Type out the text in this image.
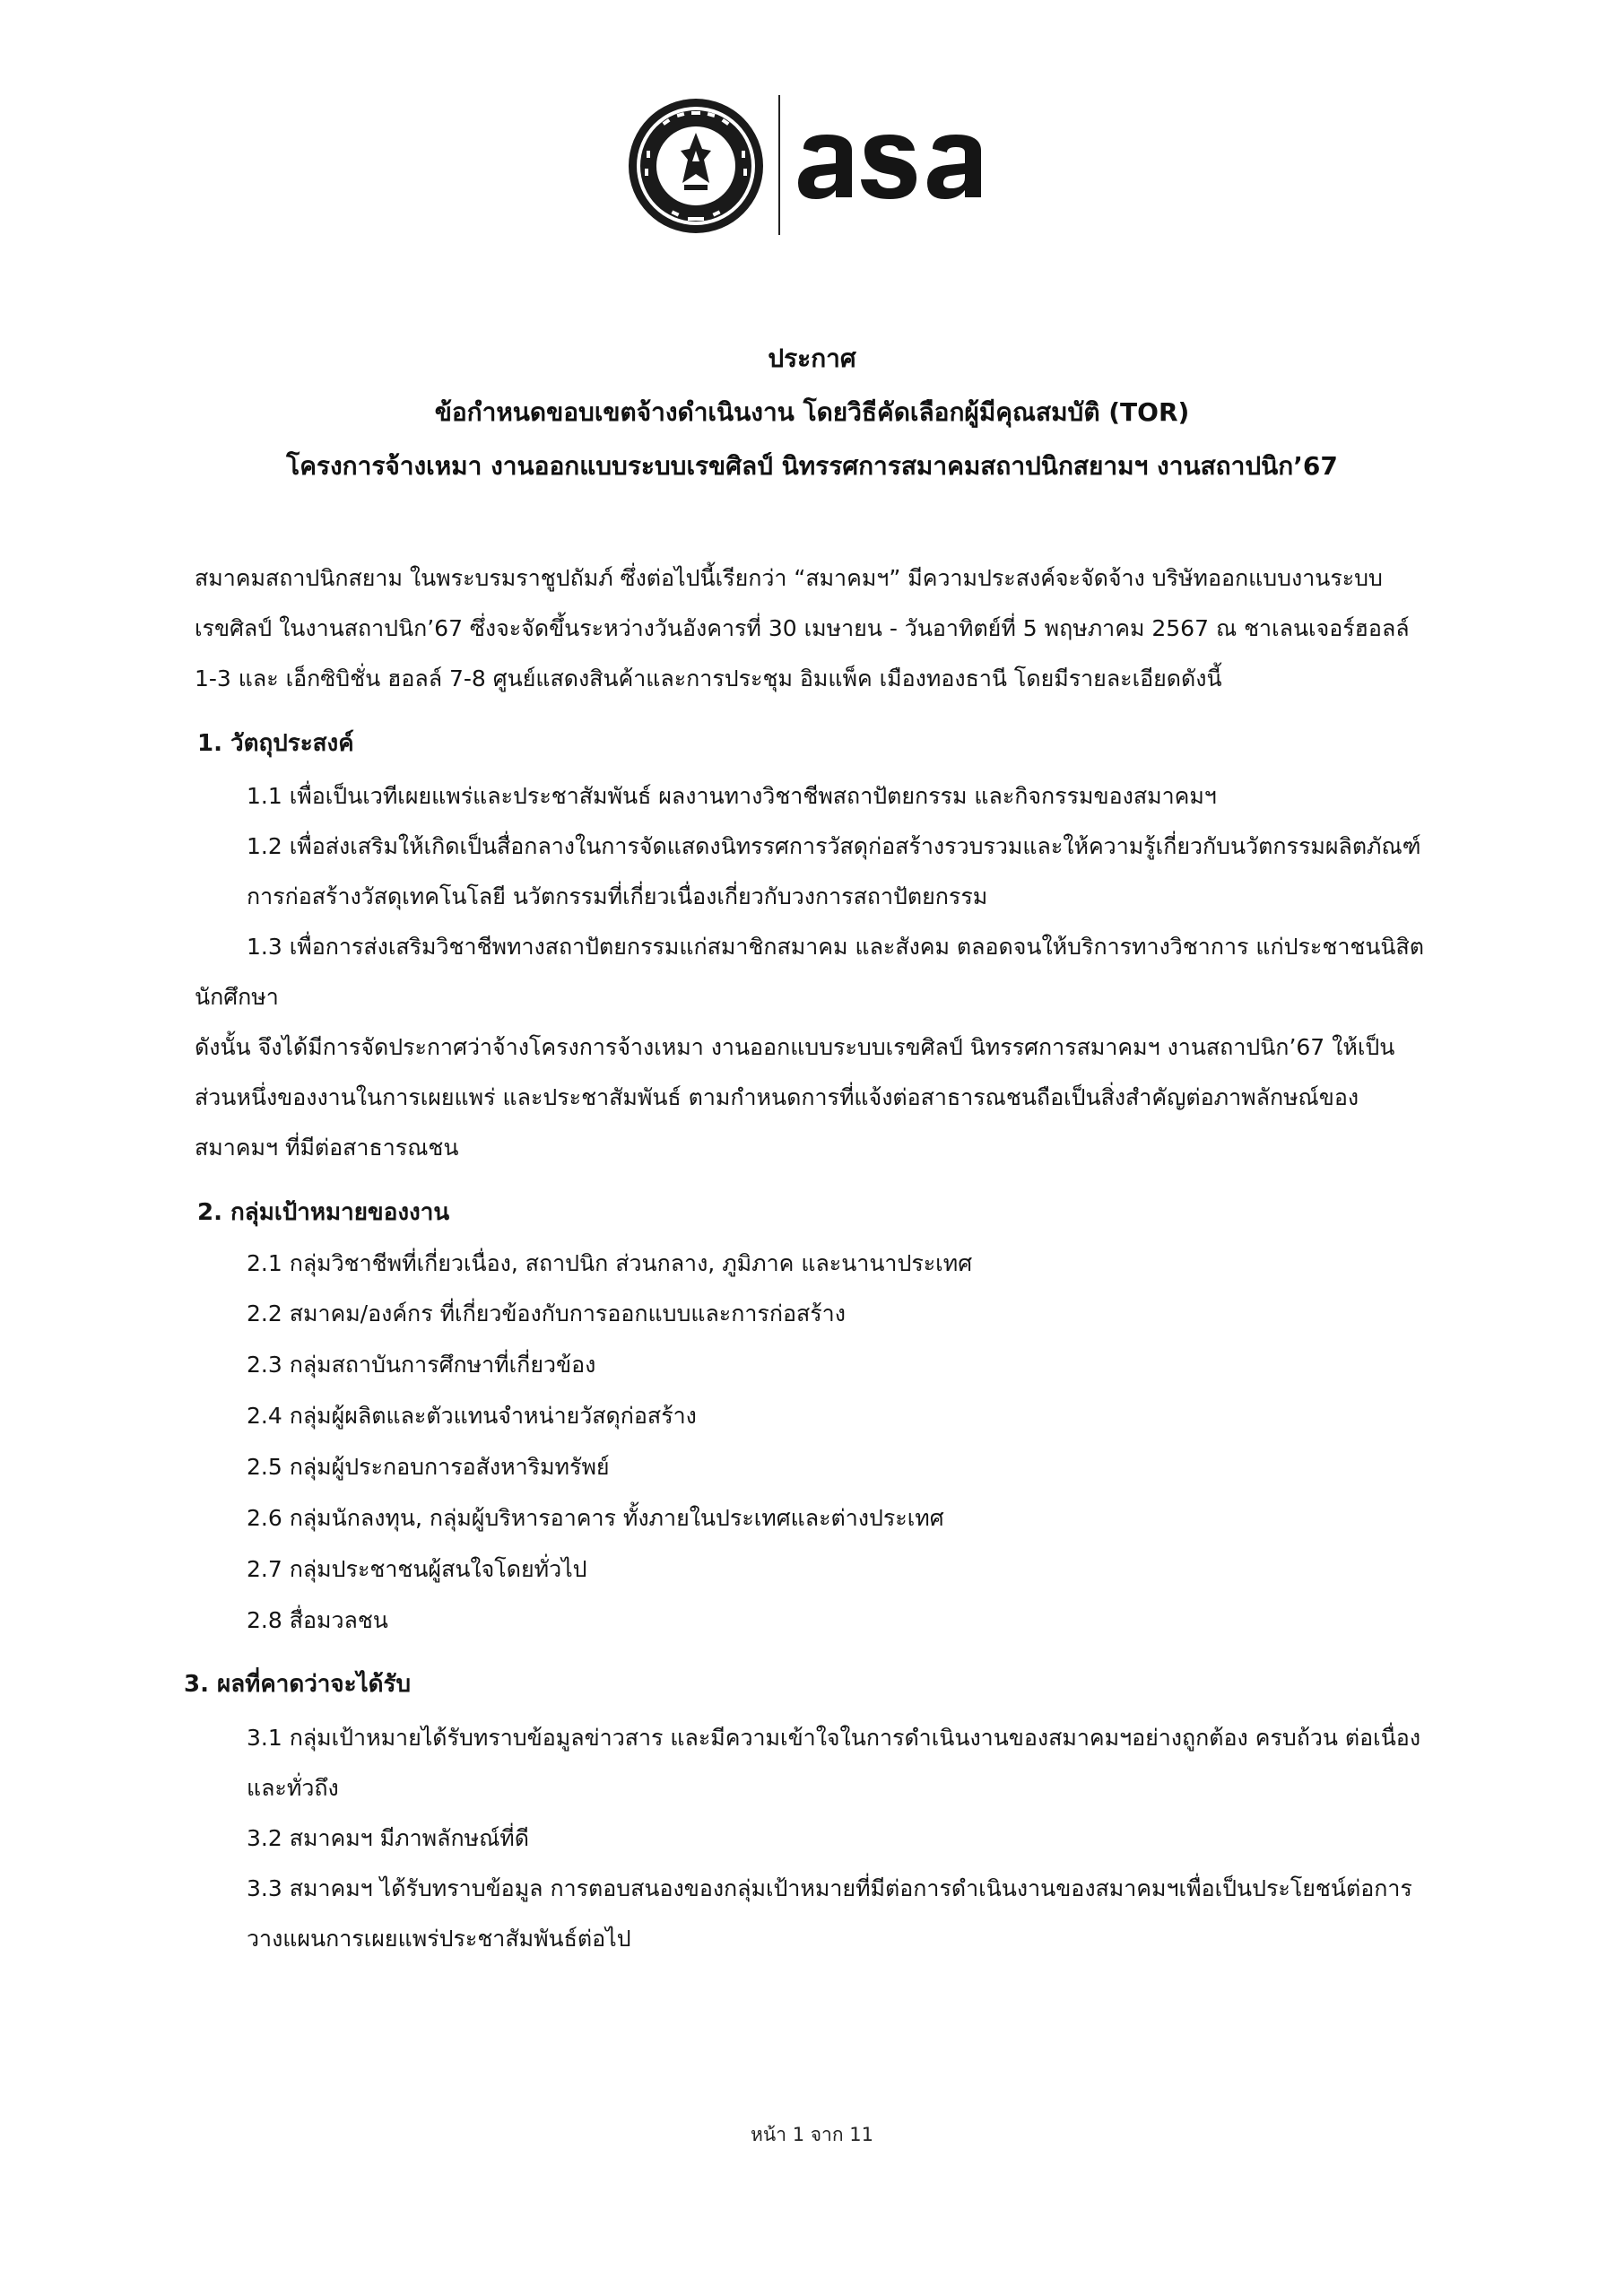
ประกาศ
ข้อกำหนดขอบเขตจ้างดำเนินงาน โดยวิธีคัดเลือกผู้มีคุณสมบัติ (TOR)
โครงการจ้างเหมา งานออกแบบระบบเรขศิลป์ นิทรรศการสมาคมสถาปนิกสยามฯ งานสถาปนิก’67
สมาคมสถาปนิกสยาม ในพระบรมราชูปถัมภ์ ซึ่งต่อไปนี้เรียกว่า “สมาคมฯ” มีความประสงค์จะจัดจ้าง บริษัทออกแบบงานระบบ
เรขศิลป์ ในงานสถาปนิก’67 ซึ่งจะจัดขึ้นระหว่างวันอังคารที่ 30 เมษายน - วันอาทิตย์ที่ 5 พฤษภาคม 2567 ณ ชาเลนเจอร์ฮอลล์
1-3 และ เอ็กซิบิชั่น ฮอลล์ 7-8 ศูนย์แสดงสินค้าและการประชุม อิมแพ็ค เมืองทองธานี โดยมีรายละเอียดดังนี้
1. วัตถุประสงค์
1.1 เพื่อเป็นเวทีเผยแพร่และประชาสัมพันธ์ ผลงานทางวิชาชีพสถาปัตยกรรม และกิจกรรมของสมาคมฯ
1.2 เพื่อส่งเสริมให้เกิดเป็นสื่อกลางในการจัดแสดงนิทรรศการวัสดุก่อสร้างรวบรวมและให้ความรู้เกี่ยวกับนวัตกรรมผลิตภัณฑ์
การก่อสร้างวัสดุเทคโนโลยี นวัตกรรมที่เกี่ยวเนื่องเกี่ยวกับวงการสถาปัตยกรรม
1.3 เพื่อการส่งเสริมวิชาชีพทางสถาปัตยกรรมแก่สมาชิกสมาคม และสังคม ตลอดจนให้บริการทางวิชาการ แก่ประชาชนนิสิต
นักศึกษา
ดังนั้น จึงได้มีการจัดประกาศว่าจ้างโครงการจ้างเหมา งานออกแบบระบบเรขศิลป์ นิทรรศการสมาคมฯ งานสถาปนิก’67 ให้เป็น
ส่วนหนึ่งของงานในการเผยแพร่ และประชาสัมพันธ์ ตามกำหนดการที่แจ้งต่อสาธารณชนถือเป็นสิ่งสำคัญต่อภาพลักษณ์ของ
สมาคมฯ ที่มีต่อสาธารณชน
2. กลุ่มเป้าหมายของงาน
2.1 กลุ่มวิชาชีพที่เกี่ยวเนื่อง, สถาปนิก ส่วนกลาง, ภูมิภาค และนานาประเทศ
2.2 สมาคม/องค์กร ที่เกี่ยวข้องกับการออกแบบและการก่อสร้าง
2.3 กลุ่มสถาบันการศึกษาที่เกี่ยวข้อง
2.4 กลุ่มผู้ผลิตและตัวแทนจำหน่ายวัสดุก่อสร้าง
2.5 กลุ่มผู้ประกอบการอสังหาริมทรัพย์
2.6 กลุ่มนักลงทุน, กลุ่มผู้บริหารอาคาร ทั้งภายในประเทศและต่างประเทศ
2.7 กลุ่มประชาชนผู้สนใจโดยทั่วไป
2.8 สื่อมวลชน
3. ผลที่คาดว่าจะได้รับ
3.1 กลุ่มเป้าหมายได้รับทราบข้อมูลข่าวสาร และมีความเข้าใจในการดำเนินงานของสมาคมฯอย่างถูกต้อง ครบถ้วน ต่อเนื่อง
และทั่วถึง
3.2 สมาคมฯ มีภาพลักษณ์ที่ดี
3.3 สมาคมฯ ได้รับทราบข้อมูล การตอบสนองของกลุ่มเป้าหมายที่มีต่อการดำเนินงานของสมาคมฯเพื่อเป็นประโยชน์ต่อการ
วางแผนการเผยแพร่ประชาสัมพันธ์ต่อไป
หน้า 1 จาก 11
